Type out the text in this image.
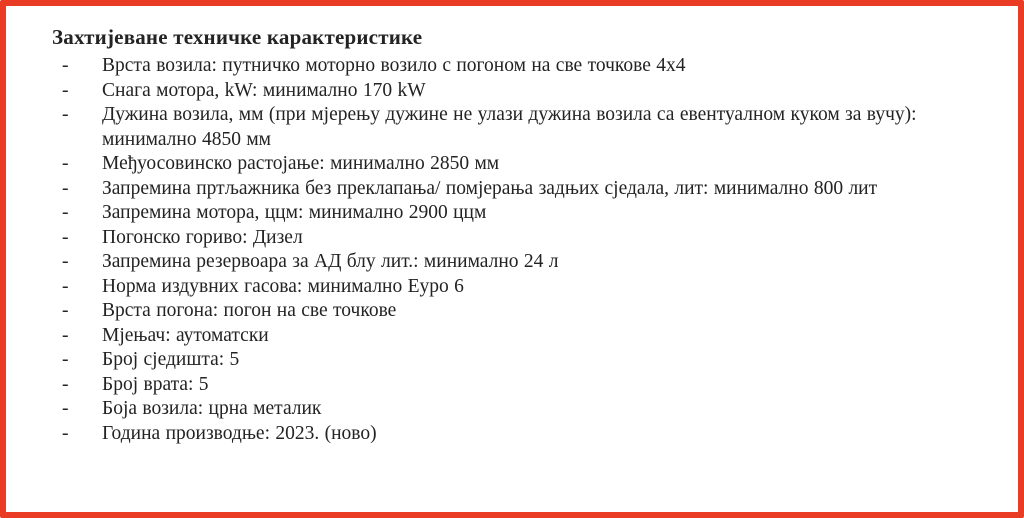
Захтијеване техничке карактеристике
-	Врста возила: путничко моторно возило с погоном на све точкове 4х4
-	Снага мотора, kW: минимално 170 kW
-	Дужина возила, мм (при мјерењу дужине не улази дужина возила са евентуалном куком за вучу): минимално 4850 мм
-	Међуосовинско растојање: минимално 2850 мм
-	Запремина пртљажника без преклапања/ помјерања задњих сједала, лит: минимално 800 лит
-	Запремина мотора, ццм: минимално 2900 ццм
-	Погонско гориво: Дизел
-	Запремина резервоара за АД блу лит.: минимално 24 л
-	Норма издувних гасова: минимално Еуро 6
-	Врста погона: погон на све точкове
-	Мјењач: аутоматски
-	Број сједишта: 5
-	Број врата: 5
-	Боја возила: црна металик
-	Година производње: 2023. (ново)
